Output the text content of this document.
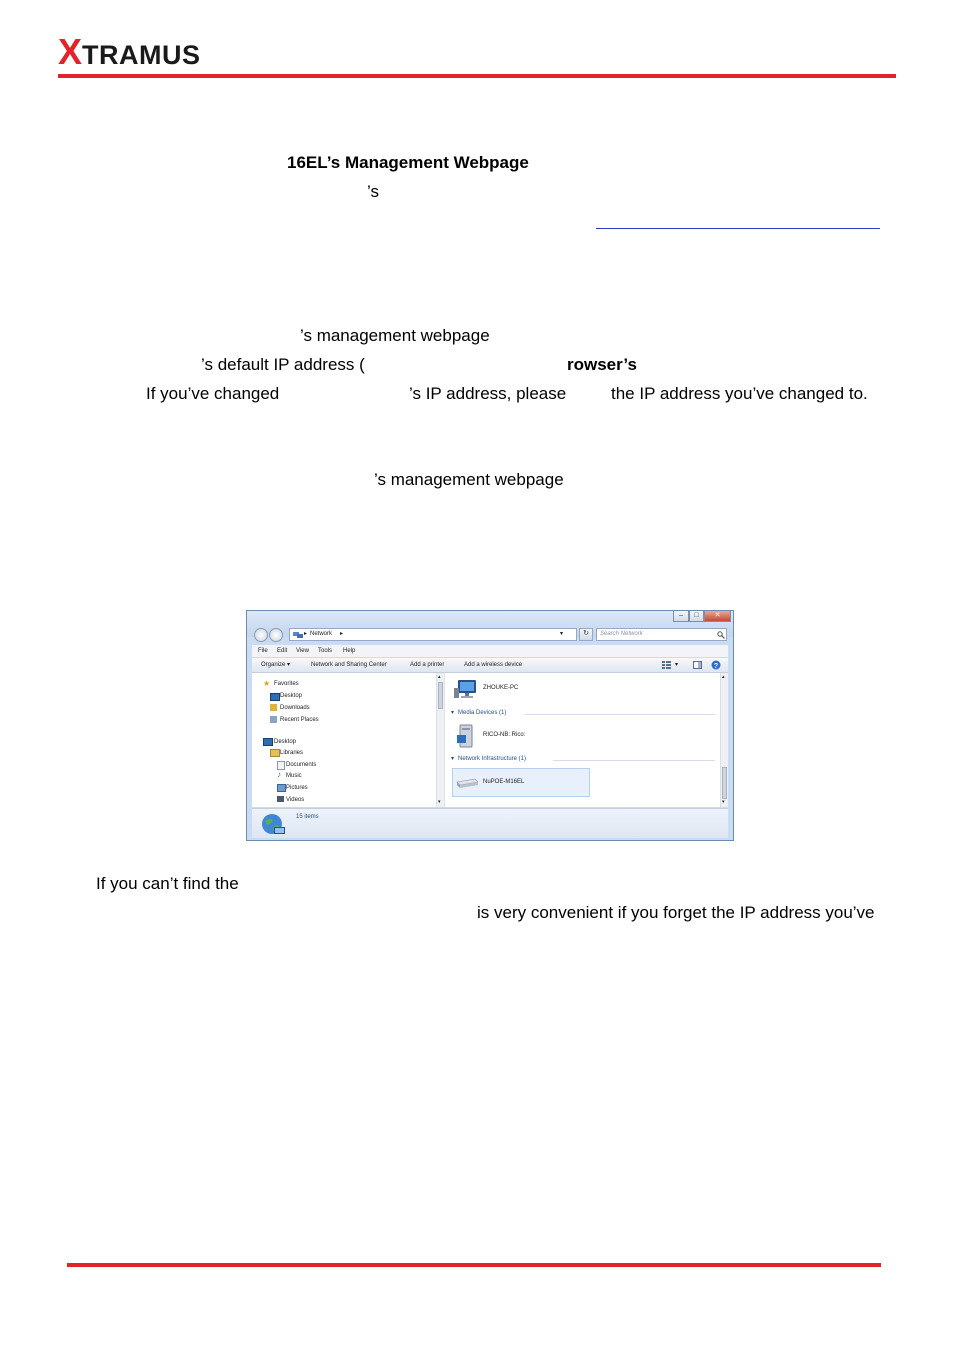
X TRAMUS
16EL’s Management Webpage
’s
’s management webpage
’s default IP address (	rowser’s
If you’ve changed	’s IP address, please	the IP address you’ve changed to.
’s management webpage
–	□	✕
▸ Network ▸	▾	↻	Search Network
File Edit View Tools Help
Organize ▾	Network and Sharing Center	Add a printer	Add a wireless device	▾	?
★ Favorites
Desktop
Downloads
Recent Places
Desktop
Libraries
Documents
♪ Music
Pictures
Videos
▴
▾
ZHOUKE-PC
▾ Media Devices (1)
RICO-NB: Rico:
▾ Network Infrastructure (1)
NuPOE-M16EL
▴
▾
15 items
If you can’t find the
is very convenient if you forget the IP address you’ve
